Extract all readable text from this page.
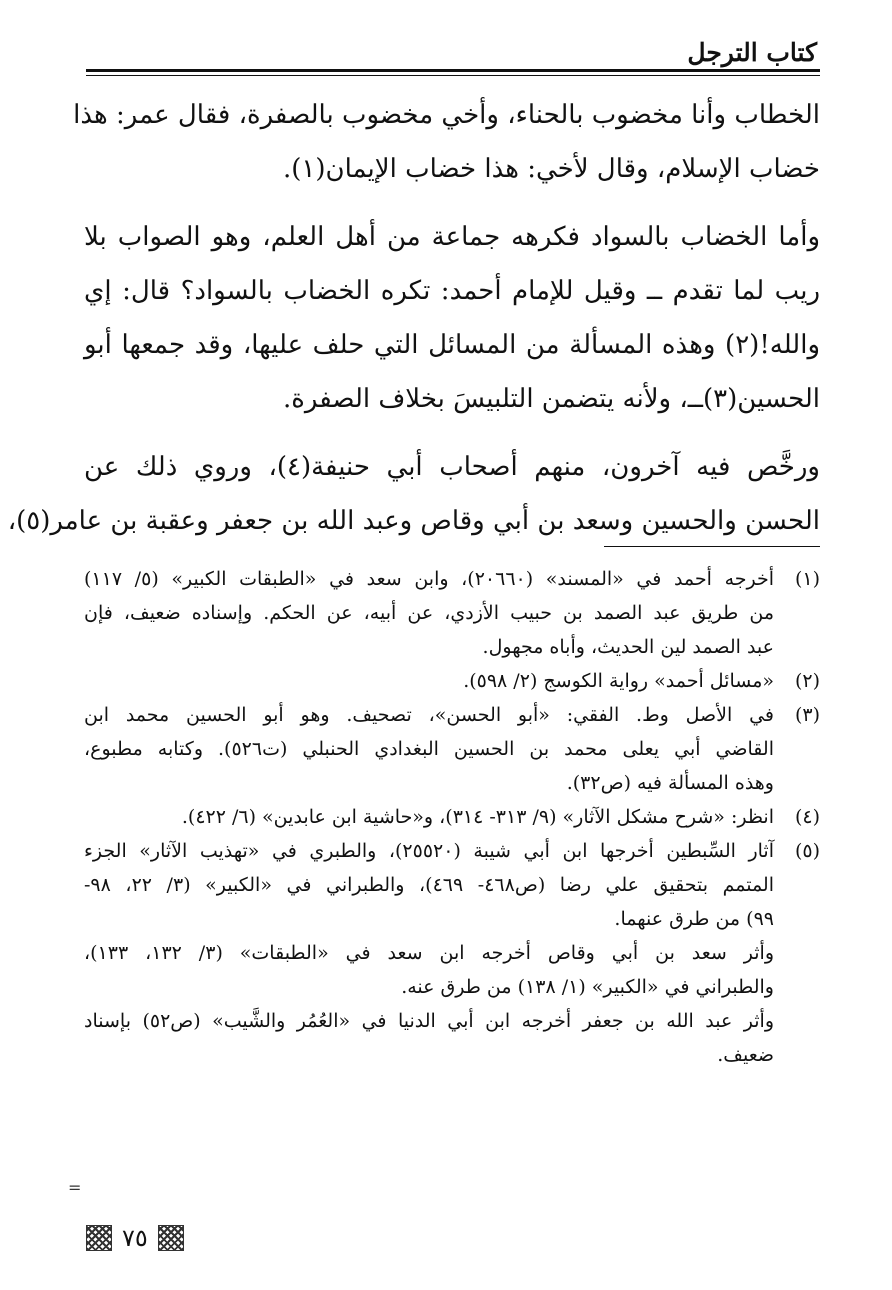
كتاب الترجل
الخطاب وأنا مخضوب بالحناء، وأخي مخضوب بالصفرة، فقال عمر: هذا
خضاب الإسلام، وقال لأخي: هذا خضاب الإيمان(١).
وأما الخضاب بالسواد فكرهه جماعة من أهل العلم، وهو الصواب بلا
ريب لما تقدم ــ وقيل للإمام أحمد: تكره الخضاب بالسواد؟ قال: إي
والله!(٢) وهذه المسألة من المسائل التي حلف عليها، وقد جمعها أبو
الحسين(٣)ــ، ولأنه يتضمن التلبيسَ بخلاف الصفرة.
ورخَّص فيه آخرون، منهم أصحاب أبي حنيفة(٤)، وروي ذلك عن
الحسن والحسين وسعد بن أبي وقاص وعبد الله بن جعفر وعقبة بن عامر(٥)،
(١)
أخرجه أحمد في «المسند» (٢٠٦٦٠)، وابن سعد في «الطبقات الكبير» (٥/ ١١٧)
من طريق عبد الصمد بن حبيب الأزدي، عن أبيه، عن الحكم. وإسناده ضعيف، فإن
عبد الصمد لين الحديث، وأباه مجهول.
(٢)
«مسائل أحمد» رواية الكوسج (٢/ ٥٩٨).
(٣)
في الأصل وط. الفقي: «أبو الحسن»، تصحيف. وهو أبو الحسين محمد ابن
القاضي أبي يعلى محمد بن الحسين البغدادي الحنبلي (ت٥٢٦). وكتابه مطبوع،
وهذه المسألة فيه (ص٣٢).
(٤)
انظر: «شرح مشكل الآثار» (٩/ ٣١٣- ٣١٤)، و«حاشية ابن عابدين» (٦/ ٤٢٢).
(٥)
آثار السِّبطين أخرجها ابن أبي شيبة (٢٥٥٢٠)، والطبري في «تهذيب الآثار» الجزء
المتمم بتحقيق علي رضا (ص٤٦٨- ٤٦٩)، والطبراني في «الكبير» (٣/ ٢٢، ٩٨-
٩٩) من طرق عنهما.
وأثر سعد بن أبي وقاص أخرجه ابن سعد في «الطبقات» (٣/ ١٣٢، ١٣٣)،
والطبراني في «الكبير» (١/ ١٣٨) من طرق عنه.
وأثر عبد الله بن جعفر أخرجه ابن أبي الدنيا في «العُمُر والشَّيب» (ص٥٢) بإسناد
ضعيف.
=
٧٥
